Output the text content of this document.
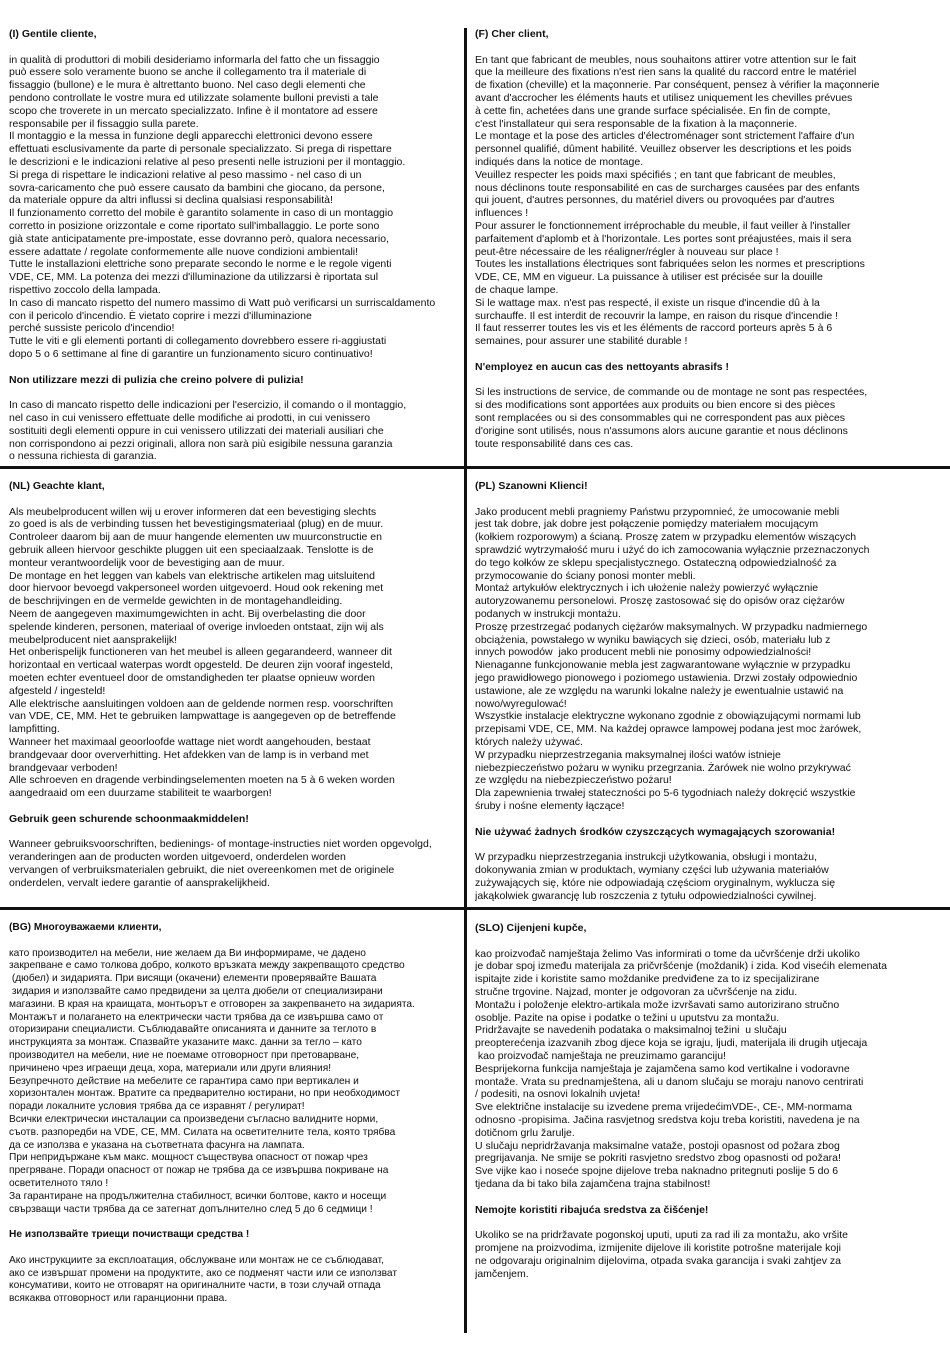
(I) Gentile cliente,
in qualità di produttori di mobili desideriamo informarla del fatto che un fissaggio
può essere solo veramente buono se anche il collegamento tra il materiale di
fissaggio (bullone) e le mura è altrettanto buono. Nel caso degli elementi che
pendono controllate le vostre mura ed utilizzate solamente bulloni previsti a tale
scopo che troverete in un mercato specializzato. Infine è il montatore ad essere
responsabile per il fissaggio sulla parete.
Il montaggio e la messa in funzione degli apparecchi elettronici devono essere
effettuati esclusivamente da parte di personale specializzato. Si prega di rispettare
le descrizioni e le indicazioni relative al peso presenti nelle istruzioni per il montaggio.
Si prega di rispettare le indicazioni relative al peso massimo - nel caso di un
sovra-caricamento che può essere causato da bambini che giocano, da persone,
da materiale oppure da altri influssi si declina qualsiasi responsabilità!
Il funzionamento corretto del mobile è garantito solamente in caso di un montaggio
corretto in posizione orizzontale e come riportato sull'imballaggio. Le porte sono
già state anticipatamente pre-impostate, esse dovranno però, qualora necessario,
essere adattate / regolate conformemente alle nuove condizioni ambientali!
Tutte le installazioni elettriche sono preparate secondo le norme e le regole vigenti
VDE, CE, MM. La potenza dei mezzi d'illuminazione da utilizzarsi è riportata sul
rispettivo zoccolo della lampada.
In caso di mancato rispetto del numero massimo di Watt può verificarsi un surriscaldamento
con il pericolo d'incendio. È vietato coprire i mezzi d'illuminazione
perché sussiste pericolo d'incendio!
Tutte le viti e gli elementi portanti di collegamento dovrebbero essere ri-aggiustati
dopo 5 o 6 settimane al fine di garantire un funzionamento sicuro continuativo!
Non utilizzare mezzi di pulizia che creino polvere di pulizia!
In caso di mancato rispetto delle indicazioni per l'esercizio, il comando o il montaggio,
nel caso in cui venissero effettuate delle modifiche ai prodotti, in cui venissero
sostituiti degli elementi oppure in cui venissero utilizzati dei materiali ausiliari che
non corrispondono ai pezzi originali, allora non sarà più esigibile nessuna garanzia
o nessuna richiesta di garanzia.
(F) Cher client,
En tant que fabricant de meubles, nous souhaitons attirer votre attention sur le fait
que la meilleure des fixations n'est rien sans la qualité du raccord entre le matériel
de fixation (cheville) et la maçonnerie. Par conséquent, pensez à vérifier la maçonnerie
avant d'accrocher les éléments hauts et utilisez uniquement les chevilles prévues
à cette fin, achetées dans une grande surface spécialisée. En fin de compte,
c'est l'installateur qui sera responsable de la fixation à la maçonnerie.
Le montage et la pose des articles d'électroménager sont strictement l'affaire d'un
personnel qualifié, dûment habilité. Veuillez observer les descriptions et les poids
indiqués dans la notice de montage.
Veuillez respecter les poids maxi spécifiés ; en tant que fabricant de meubles,
nous déclinons toute responsabilité en cas de surcharges causées par des enfants
qui jouent, d'autres personnes, du matériel divers ou provoquées par d'autres
influences !
Pour assurer le fonctionnement irréprochable du meuble, il faut veiller à l'installer
parfaitement d'aplomb et à l'horizontale. Les portes sont préajustées, mais il sera
peut-être nécessaire de les réaligner/régler à nouveau sur place !
Toutes les installations électriques sont fabriquées selon les normes et prescriptions
VDE, CE, MM en vigueur. La puissance à utiliser est précisée sur la douille
de chaque lampe.
Si le wattage max. n'est pas respecté, il existe un risque d'incendie dû à la
surchauffe. Il est interdit de recouvrir la lampe, en raison du risque d'incendie !
Il faut resserrer toutes les vis et les éléments de raccord porteurs après 5 à 6
semaines, pour assurer une stabilité durable !
N'employez en aucun cas des nettoyants abrasifs !
Si les instructions de service, de commande ou de montage ne sont pas respectées,
si des modifications sont apportées aux produits ou bien encore si des pièces
sont remplacées ou si des consommables qui ne correspondent pas aux pièces
d'origine sont utilisés, nous n'assumons alors aucune garantie et nous déclinons
toute responsabilité dans ces cas.
(NL) Geachte klant,
Als meubelproducent willen wij u erover informeren dat een bevestiging slechts
zo goed is als de verbinding tussen het bevestigingsmateriaal (plug) en de muur.
Controleer daarom bij aan de muur hangende elementen uw muurconstructie en
gebruik alleen hiervoor geschikte pluggen uit een speciaalzaak. Tenslotte is de
monteur verantwoordelijk voor de bevestiging aan de muur.
De montage en het leggen van kabels van elektrische artikelen mag uitsluitend
door hiervoor bevoegd vakpersoneel worden uitgevoerd. Houd ook rekening met
de beschrijvingen en de vermelde gewichten in de montagehandleiding.
Neem de aangegeven maximumgewichten in acht. Bij overbelasting die door
spelende kinderen, personen, materiaal of overige invloeden ontstaat, zijn wij als
meubelproducent niet aansprakelijk!
Het onberispelijk functioneren van het meubel is alleen gegarandeerd, wanneer dit
horizontaal en verticaal waterpas wordt opgesteld. De deuren zijn vooraf ingesteld,
moeten echter eventueel door de omstandigheden ter plaatse opnieuw worden
afgesteld / ingesteld!
Alle elektrische aansluitingen voldoen aan de geldende normen resp. voorschriften
van VDE, CE, MM. Het te gebruiken lampwattage is aangegeven op de betreffende
lampfitting.
Wanneer het maximaal geoorloofde wattage niet wordt aangehouden, bestaat
brandgevaar door oververhitting. Het afdekken van de lamp is in verband met
brandgevaar verboden!
Alle schroeven en dragende verbindingselementen moeten na 5 à 6 weken worden
aangedraaid om een duurzame stabiliteit te waarborgen!
Gebruik geen schurende schoonmaakmiddelen!
Wanneer gebruiksvoorschriften, bedienings- of montage-instructies niet worden opgevolgd,
veranderingen aan de producten worden uitgevoerd, onderdelen worden
vervangen of verbruiksmaterialen gebruikt, die niet overeenkomen met de originele
onderdelen, vervalt iedere garantie of aansprakelijkheid.
(PL) Szanowni Klienci!
Jako producent mebli pragniemy Państwu przypomnieć, że umocowanie mebli
jest tak dobre, jak dobre jest połączenie pomiędzy materiałem mocującym
(kołkiem rozporowym) a ścianą. Proszę zatem w przypadku elementów wiszących
sprawdzić wytrzymałość muru i użyć do ich zamocowania wyłącznie przeznaczonych
do tego kołków ze sklepu specjalistycznego. Ostateczną odpowiedzialność za
przymocowanie do ściany ponosi monter mebli.
Montaż artykułów elektrycznych i ich ułożenie należy powierzyć wyłącznie
autoryzowanemu personelowi. Proszę zastosować się do opisów oraz ciężarów
podanych w instrukcji montażu.
Proszę przestrzegać podanych ciężarów maksymalnych. W przypadku nadmiernego
obciążenia, powstałego w wyniku bawiących się dzieci, osób, materiału lub z
innych powodów  jako producent mebli nie ponosimy odpowiedzialności!
Nienaganne funkcjonowanie mebla jest zagwarantowane wyłącznie w przypadku
jego prawidłowego pionowego i poziomego ustawienia. Drzwi zostały odpowiednio
ustawione, ale ze względu na warunki lokalne należy je ewentualnie ustawić na
nowo/wyregulować!
Wszystkie instalacje elektryczne wykonano zgodnie z obowiązującymi normami lub
przepisami VDE, CE, MM. Na każdej oprawce lampowej podana jest moc żarówek,
których należy używać.
W przypadku nieprzestrzegania maksymalnej ilości watów istnieje
niebezpieczeństwo pożaru w wyniku przegrzania. Żarówek nie wolno przykrywać
ze względu na niebezpieczeństwo pożaru!
Dla zapewnienia trwałej stateczności po 5-6 tygodniach należy dokręcić wszystkie
śruby i nośne elementy łączące!
Nie używać żadnych środków czyszczących wymagających szorowania!
W przypadku nieprzestrzegania instrukcji użytkowania, obsługi i montażu,
dokonywania zmian w produktach, wymiany części lub używania materiałów
zużywających się, które nie odpowiadają częściom oryginalnym, wyklucza się
jakąkolwiek gwarancję lub roszczenia z tytułu odpowiedzialności cywilnej.
(BG) Многоуважаеми клиенти,
като производител на мебели, ние желаем да Ви информираме, че дадено
закрепване е само толкова добро, колкото връзката между закрепващото средство
(дюбел) и зидарията. При висящи (окачени) елементи проверявайте Вашата
зидария и използвайте само предвидени за целта дюбели от специализирани
магазини. В края на краищата, монтьорът е отговорен за закрепването на зидарията.
Монтажът и полагането на електрически части трябва да се извършва само от
оторизирани специалисти. Съблюдавайте описанията и данните за теглото в
инструкцията за монтаж. Спазвайте указаните макс. данни за тегло – като
производител на мебели, ние не поемаме отговорност при претоварване,
причинено чрез играещи деца, хора, материали или други влияния!
Безупречното действие на мебелите се гарантира само при вертикален и
хоризонтален монтаж. Вратите са предварително юстирани, но при необходимост
поради локалните условия трябва да се изравнят / регулират!
Всички електрически инсталации са произведени съгласно валидните норми,
съотв. разпоредби на VDE, CE, MM. Силата на осветителните тела, която трябва
да се използва е указана на съответната фасунга на лампата.
При непридържане към макс. мощност съществува опасност от пожар чрез
прегряване. Поради опасност от пожар не трябва да се извършва покриване на
осветителното тяло !
За гарантиране на продължителна стабилност, всички болтове, както и носещи
свързващи части трябва да се затегнат допълнително след 5 до 6 седмици !
Не използвайте триещи почистващи средства !
Ако инструкциите за експлоатация, обслужване или монтаж не се съблюдават,
ако се извършат промени на продуктите, ако се подменят части или се използват
консумативи, които не отговарят на оригиналните части, в този случай отпада
всякаква отговорност или гаранционни права.
(SLO) Cijenjeni kupče,
kao proizvođač namještaja želimo Vas informirati o tome da učvršćenje drži ukoliko
je dobar spoj između materijala za pričvršćenje (moždanik) i zida. Kod visećih elemenata
ispitajte zide i koristite samo moždanike predviđene za to iz specijalizirane
stručne trgovine. Najzad, monter je odgovoran za učvršćenje na zidu.
Montažu i položenje elektro-artikala može izvršavati samo autorizirano stručno
osoblje. Pazite na opise i podatke o težini u uputstvu za montažu.
Pridržavajte se navedenih podataka o maksimalnoj težini  u slučaju
preopterećenja izazvanih zbog djece koja se igraju, ljudi, materijala ili drugih utjecaja
kao proizvođač namještaja ne preuzimamo garanciju!
Besprijekorna funkcija namještaja je zajamčena samo kod vertikalne i vodoravne
montaže. Vrata su prednamještena, ali u danom slučaju se moraju nanovo centrirati
/ podesiti, na osnovi lokalnih uvjeta!
Sve električne instalacije su izvedene prema vrijedećimVDE-, CE-, MM-normama
odnosno -propisima. Jačina rasvjetnog sredstva koju treba koristiti, navedena je na
dotičnom grlu žarulje.
U slučaju nepridržavanja maksimalne vataže, postoji opasnost od požara zbog
pregrijavanja. Ne smije se pokriti rasvjetno sredstvo zbog opasnosti od požara!
Sve vijke kao i noseće spojne dijelove treba naknadno pritegnuti poslije 5 do 6
tjedana da bi tako bila zajamčena trajna stabilnost!
Nemojte koristiti ribajuća sredstva za čišćenje!
Ukoliko se na pridržavate pogonskoj uputi, uputi za rad ili za montažu, ako vršite
promjene na proizvodima, izmijenite dijelove ili koristite potrošne materijale koji
ne odgovaraju originalnim dijelovima, otpada svaka garancija i svaki zahtjev za
jamčenjem.
